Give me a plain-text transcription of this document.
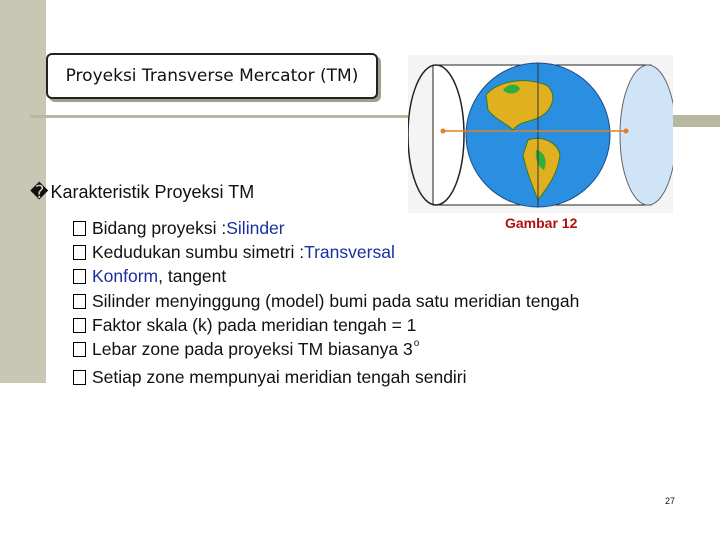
Proyeksi Transverse Mercator (TM)
Gambar 12
� Karakteristik Proyeksi TM
Bidang proyeksi : Silinder
Kedudukan sumbu simetri : Transversal
Konform , tangent
Silinder menyinggung (model) bumi pada satu meridian tengah
Faktor skala (k) pada meridian tengah = 1
Lebar zone pada proyeksi TM biasanya 3 o
Setiap zone mempunyai meridian tengah sendiri
27
